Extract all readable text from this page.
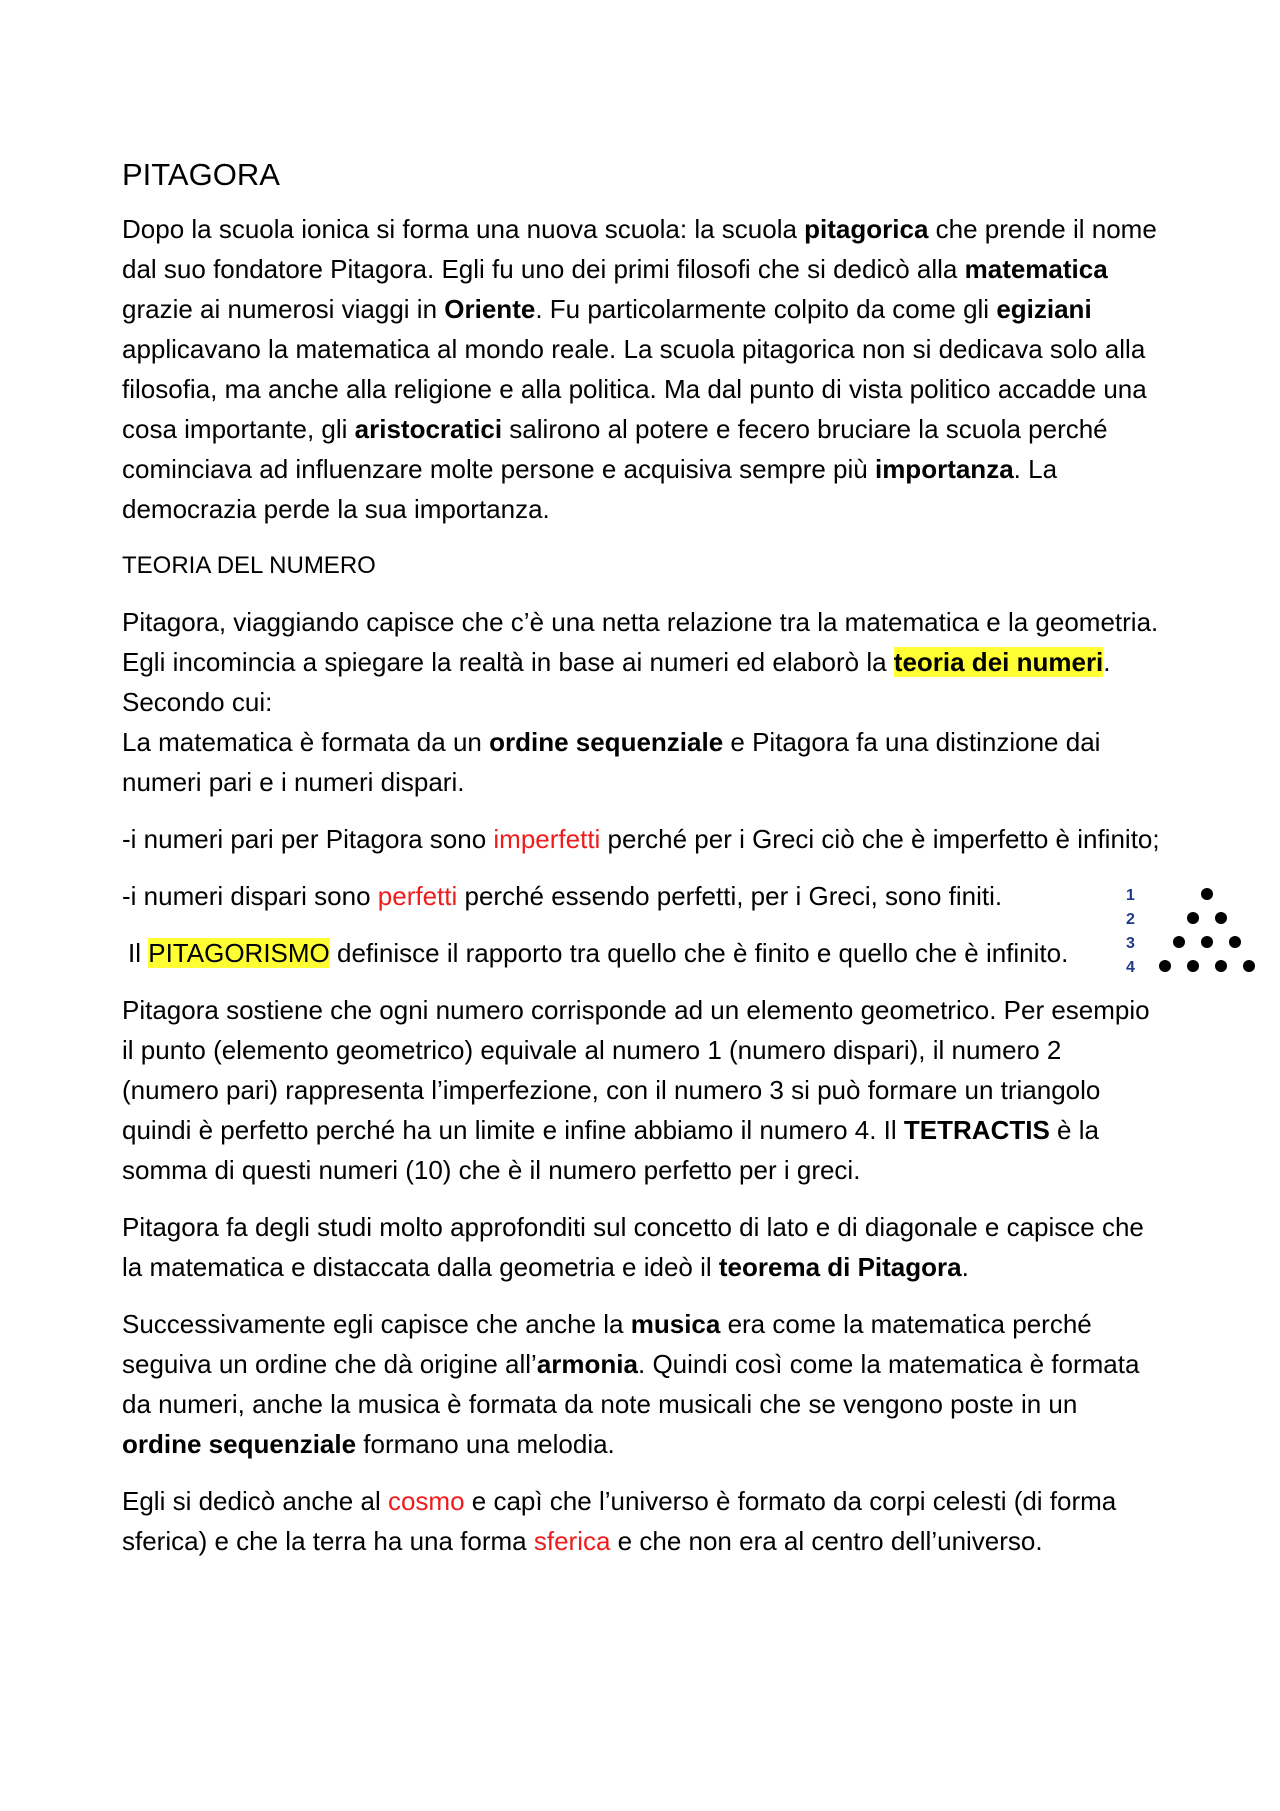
PITAGORA

Dopo la scuola ionica si forma una nuova scuola: la scuola pitagorica che prende il nome dal suo fondatore Pitagora. Egli fu uno dei primi filosofi che si dedicò alla matematica grazie ai numerosi viaggi in Oriente. Fu particolarmente colpito da come gli egiziani applicavano la matematica al mondo reale. La scuola pitagorica non si dedicava solo alla filosofia, ma anche alla religione e alla politica. Ma dal punto di vista politico accadde una cosa importante, gli aristocratici salirono al potere e fecero bruciare la scuola perché cominciava ad influenzare molte persone e acquisiva sempre più importanza. La democrazia perde la sua importanza.

TEORIA DEL NUMERO

Pitagora, viaggiando capisce che c’è una netta relazione tra la matematica e la geometria. Egli incomincia a spiegare la realtà in base ai numeri ed elaborò la teoria dei numeri. Secondo cui:
La matematica è formata da un ordine sequenziale e Pitagora fa una distinzione dai numeri pari e i numeri dispari.

-i numeri pari per Pitagora sono imperfetti perché per i Greci ciò che è imperfetto è infinito;

-i numeri dispari sono perfetti perché essendo perfetti, per i Greci, sono finiti.

Il PITAGORISMO definisce il rapporto tra quello che è finito e quello che è infinito.

Pitagora sostiene che ogni numero corrisponde ad un elemento geometrico. Per esempio il punto (elemento geometrico) equivale al numero 1 (numero dispari), il numero 2 (numero pari) rappresenta l’imperfezione, con il numero 3 si può formare un triangolo quindi è perfetto perché ha un limite e infine abbiamo il numero 4. Il TETRACTIS è la somma di questi numeri (10) che è il numero perfetto per i greci.

Pitagora fa degli studi molto approfonditi sul concetto di lato e di diagonale e capisce che la matematica e distaccata dalla geometria e ideò il teorema di Pitagora.

Successivamente egli capisce che anche la musica era come la matematica perché seguiva un ordine che dà origine all’armonia. Quindi così come la matematica è formata da numeri, anche la musica è formata da note musicali che se vengono poste in un ordine sequenziale formano una melodia.

Egli si dedicò anche al cosmo e capì che l’universo è formato da corpi celesti (di forma sferica) e che la terra ha una forma sferica e che non era al centro dell’universo.

1
2
3
4
